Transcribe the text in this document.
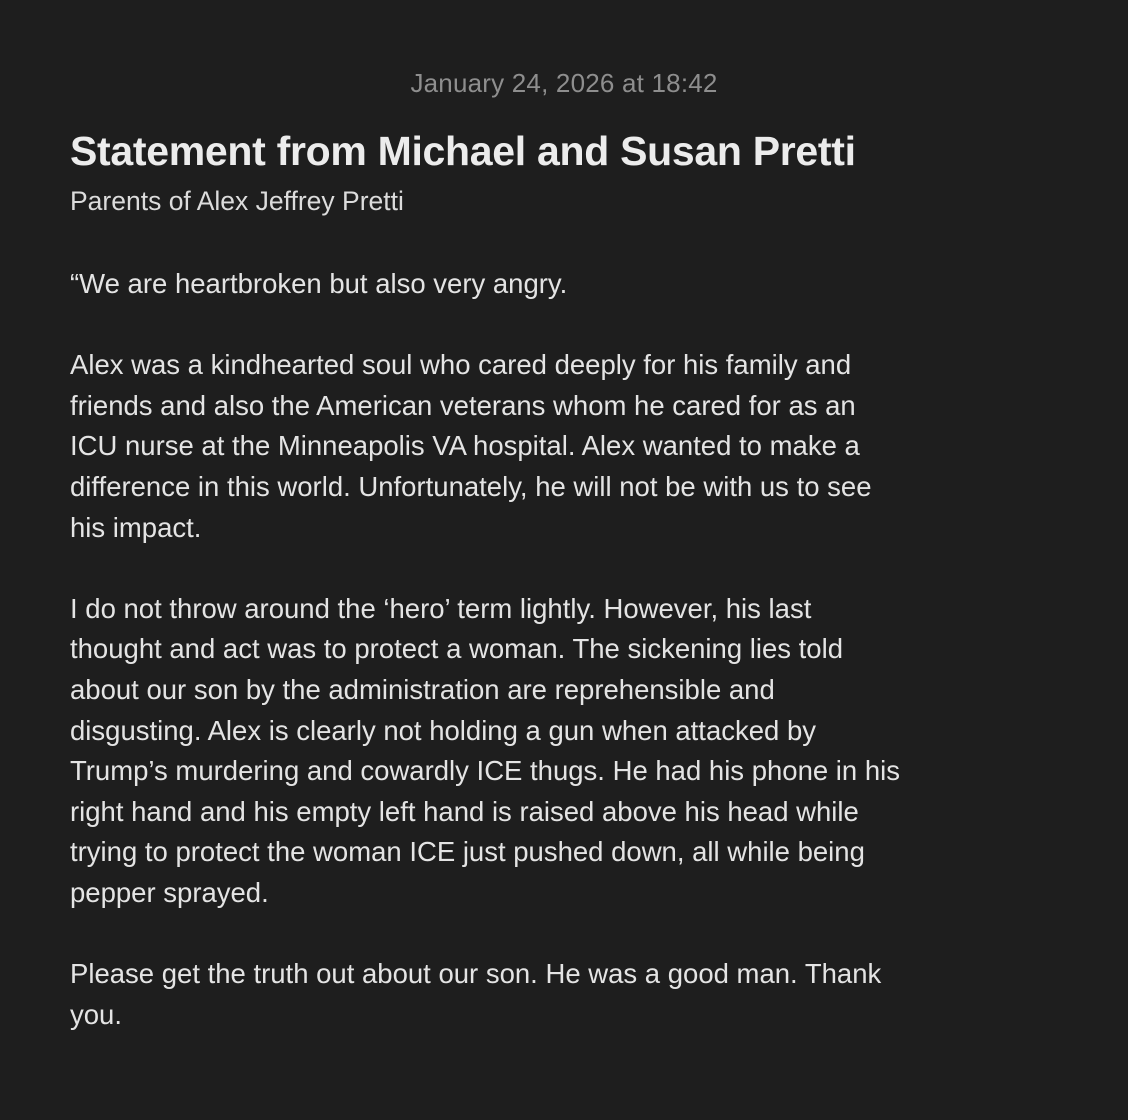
January 24, 2026 at 18:42
Statement from Michael and Susan Pretti
Parents of Alex Jeffrey Pretti

“We are heartbroken but also very angry.

Alex was a kindhearted soul who cared deeply for his family and
friends and also the American veterans whom he cared for as an
ICU nurse at the Minneapolis VA hospital. Alex wanted to make a
difference in this world. Unfortunately, he will not be with us to see
his impact.

I do not throw around the ‘hero’ term lightly. However, his last
thought and act was to protect a woman. The sickening lies told
about our son by the administration are reprehensible and
disgusting. Alex is clearly not holding a gun when attacked by
Trump’s murdering and cowardly ICE thugs. He had his phone in his
right hand and his empty left hand is raised above his head while
trying to protect the woman ICE just pushed down, all while being
pepper sprayed.

Please get the truth out about our son. He was a good man. Thank
you.
